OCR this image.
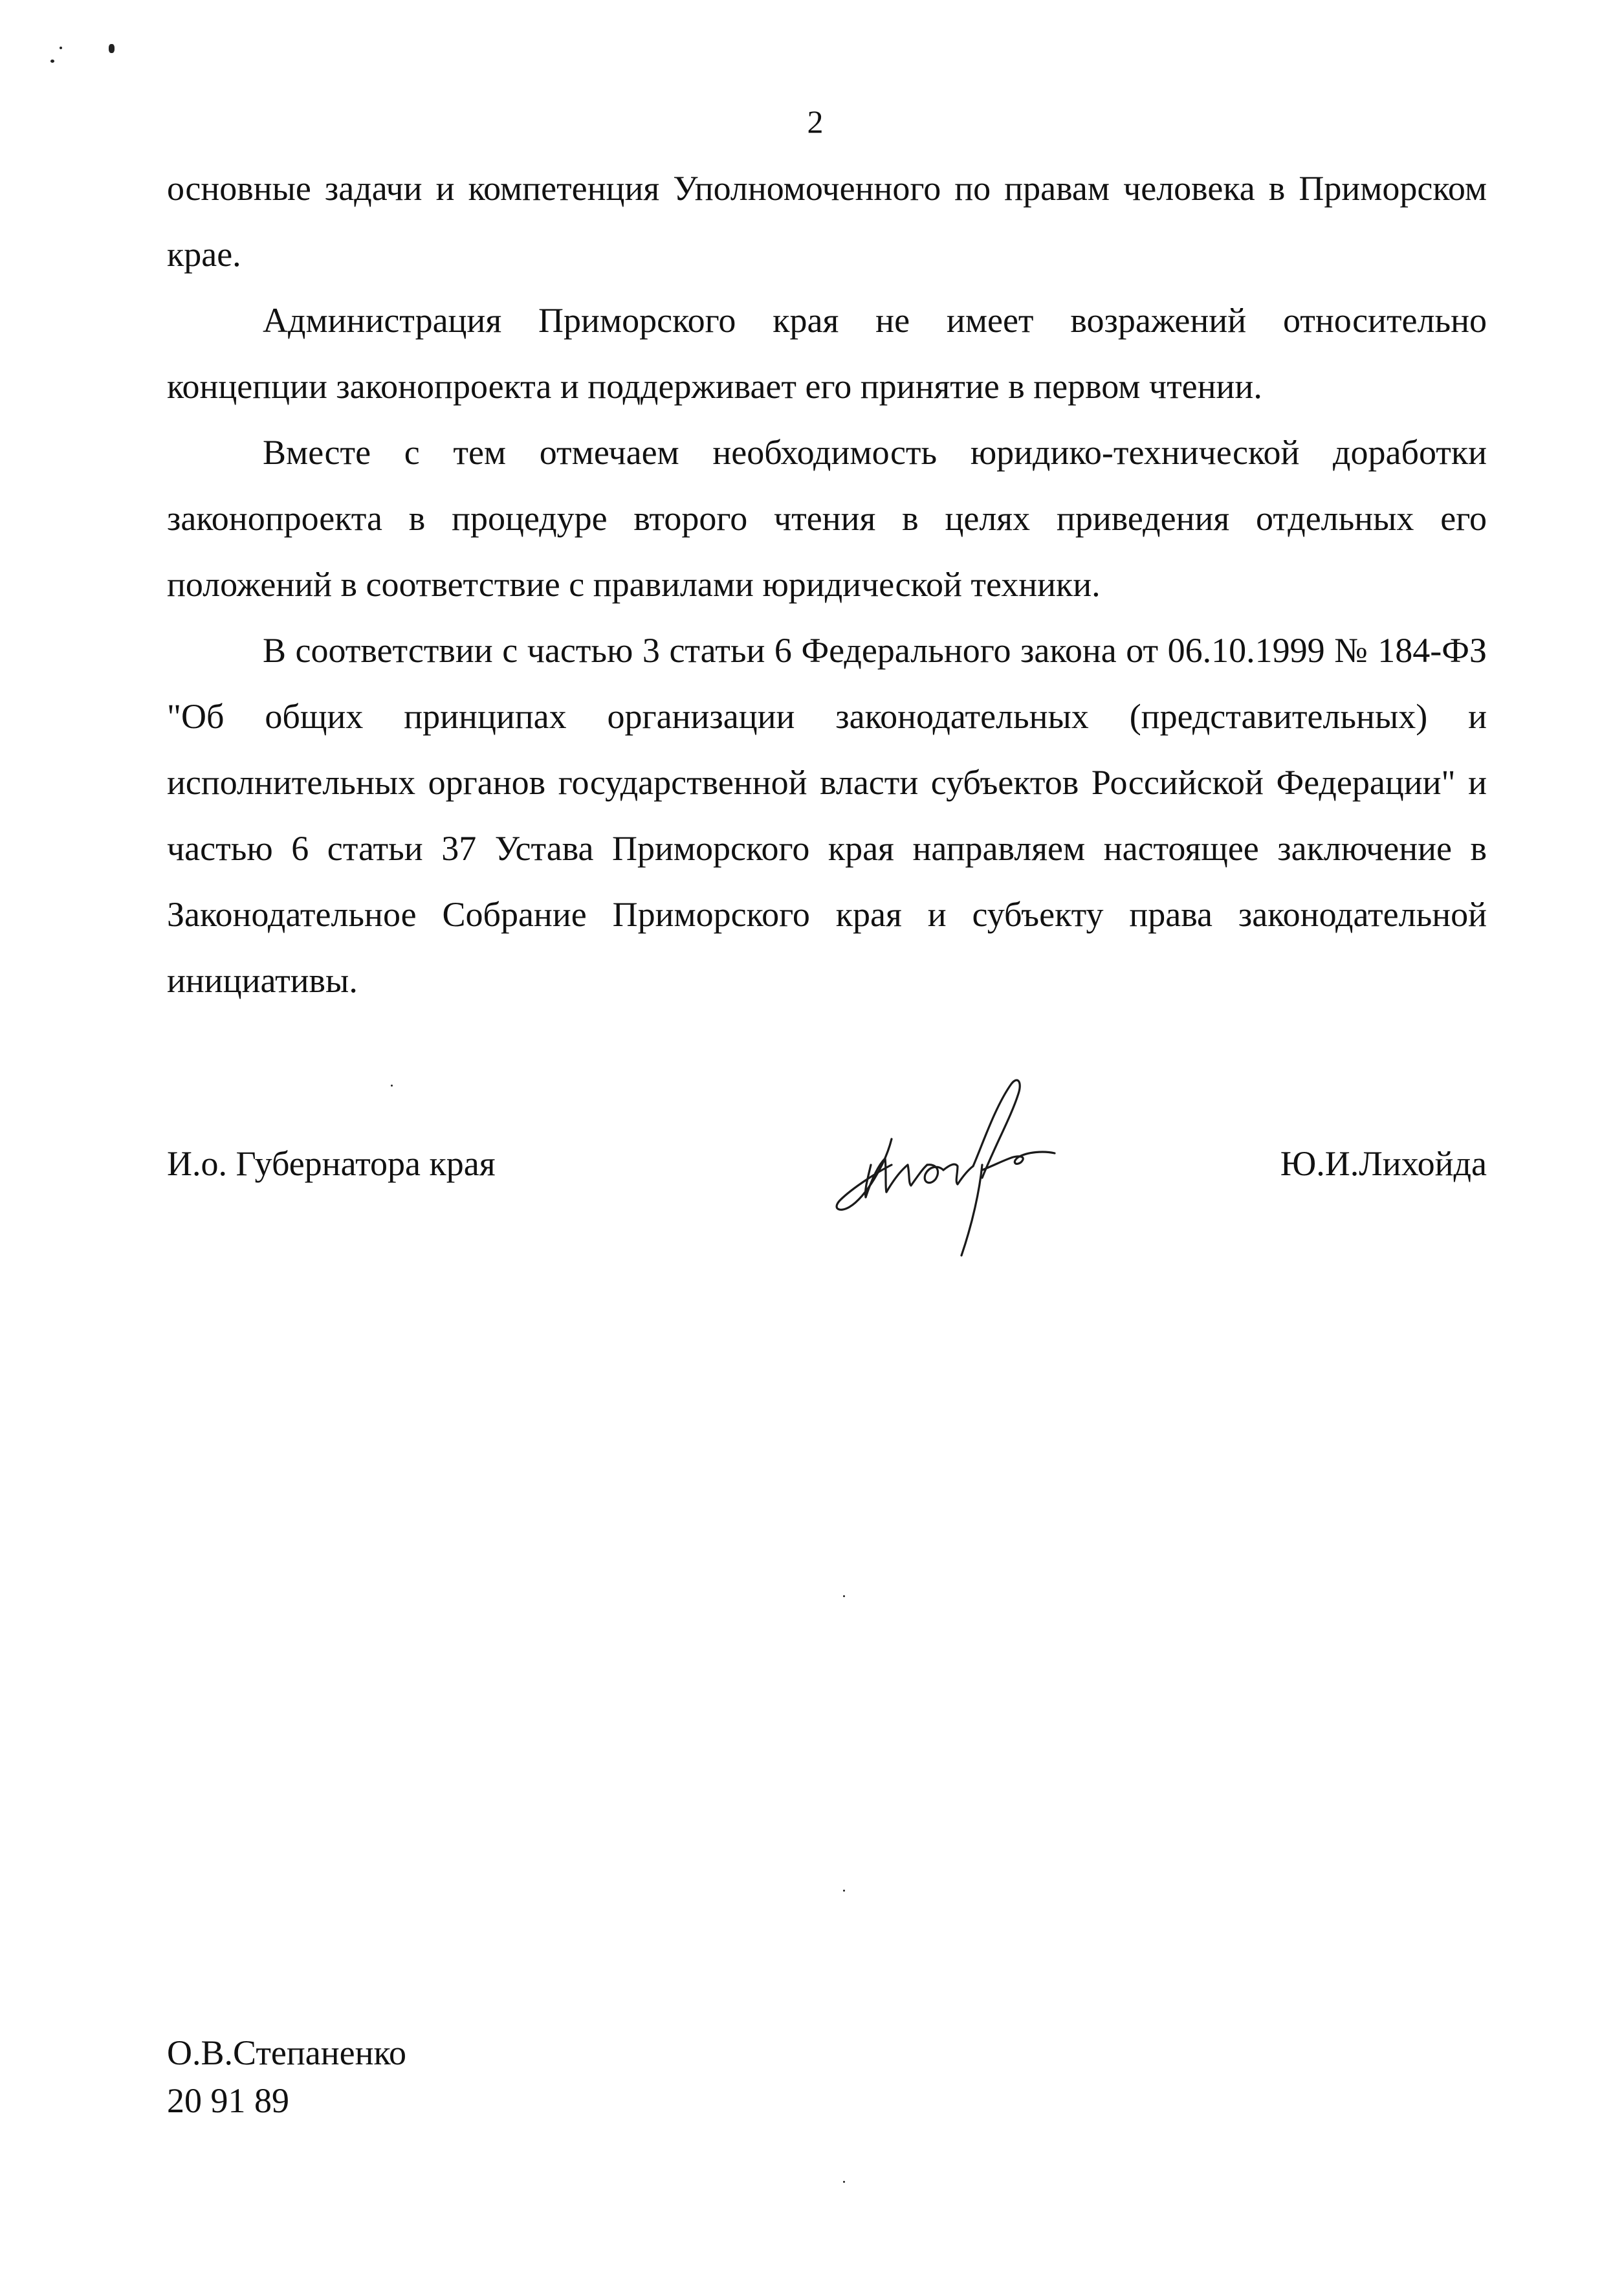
2

основные задачи и компетенция Уполномоченного по правам человека в Приморском крае.

Администрация Приморского края не имеет возражений относительно концепции законопроекта и поддерживает его принятие в первом чтении.

Вместе с тем отмечаем необходимость юридико-технической доработки законопроекта в процедуре второго чтения в целях приведения отдельных его положений в соответствие с правилами юридической техники.

В соответствии с частью 3 статьи 6 Федерального закона от 06.10.1999 № 184-ФЗ "Об общих принципах организации законодательных (представительных) и исполнительных органов государственной власти субъектов Российской Федерации" и частью 6 статьи 37 Устава Приморского края направляем настоящее заключение в Законодательное Собрание Приморского края и субъекту права законодательной инициативы.

И.о. Губернатора края	Ю.И.Лихойда
О.В.Степаненко
20 91 89
